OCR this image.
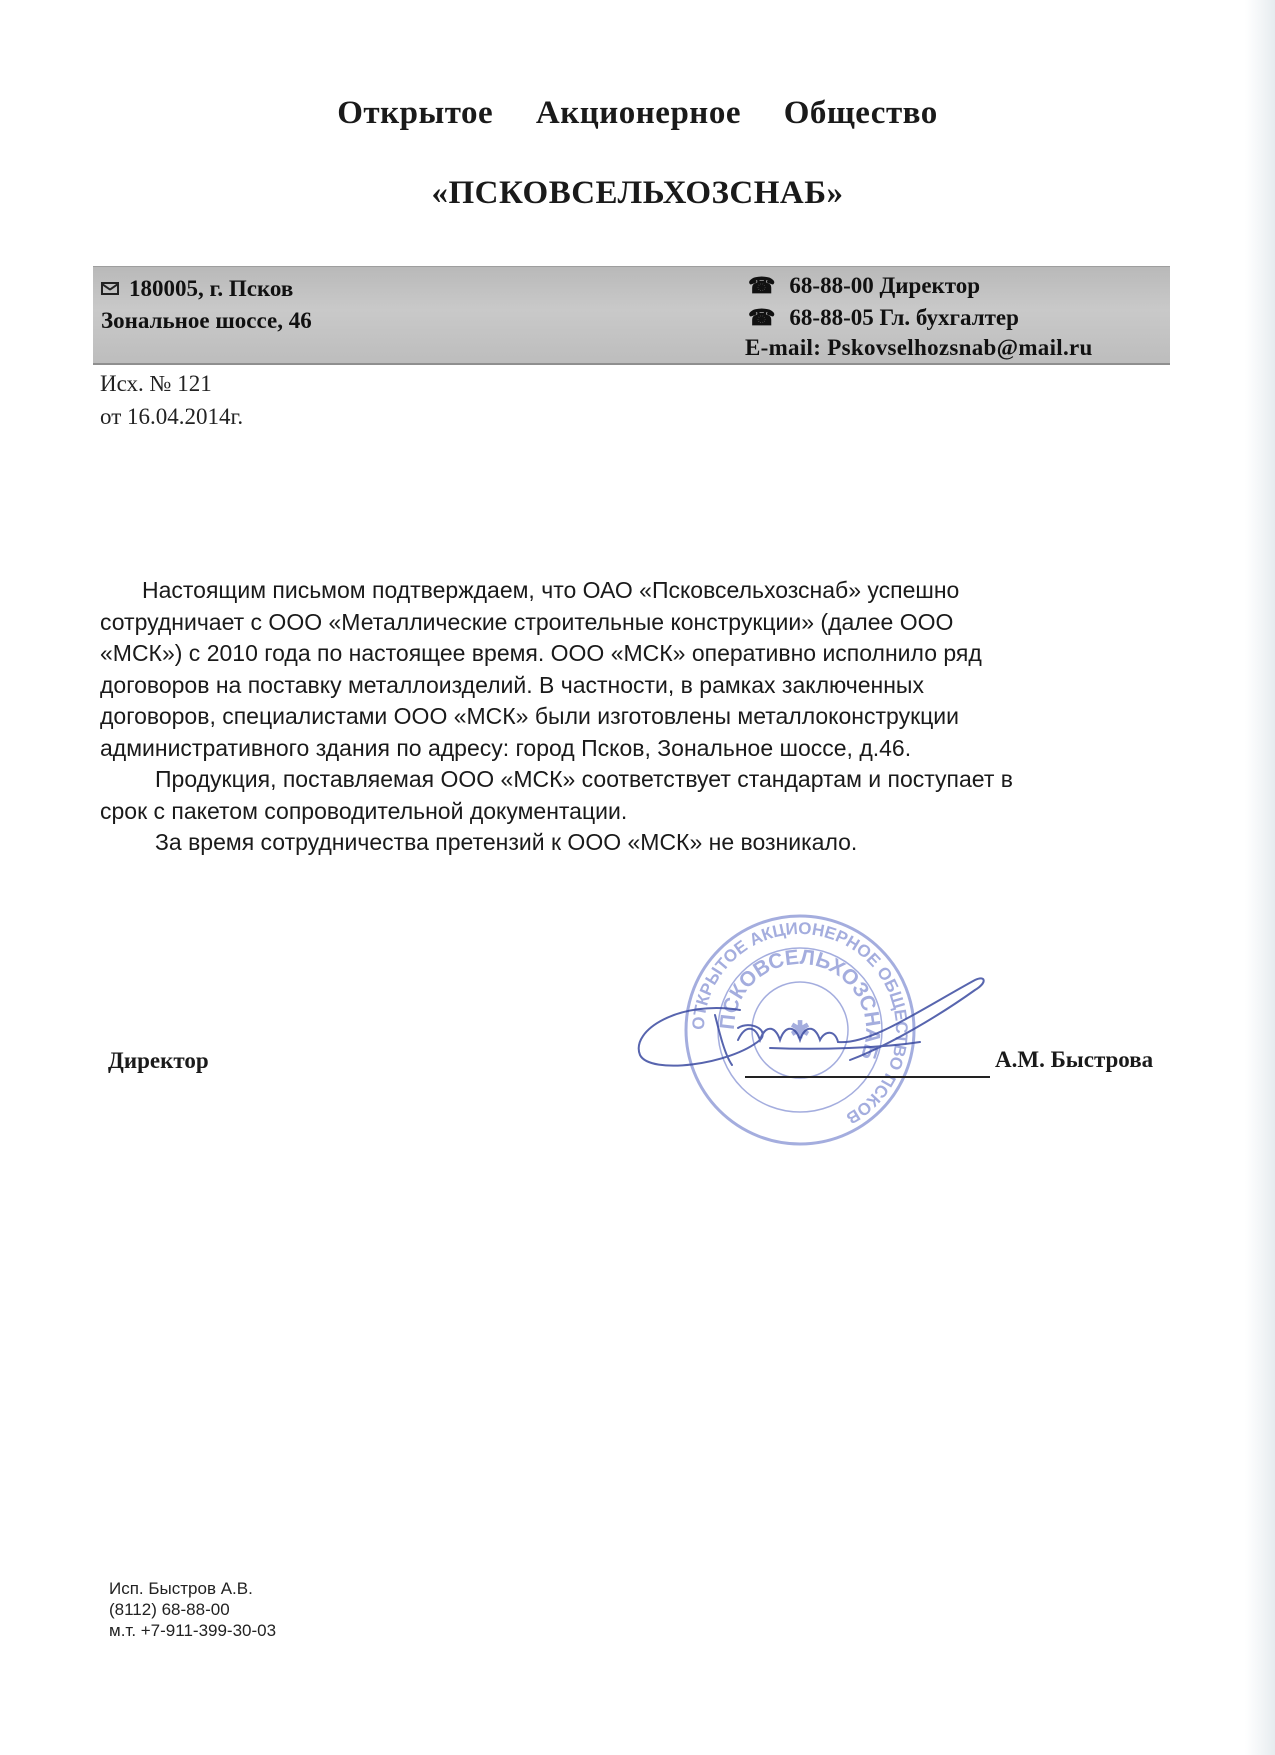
Открытое Акционерное Общество
«ПСКОВСЕЛЬХОЗСНАБ»
180005, г. Псков
Зональное шоссе, 46
☎ 68-88-00 Директор
☎ 68-88-05 Гл. бухгалтер
E-mail: Pskovselhozsnab@mail.ru
Исх. № 121
от 16.04.2014г.

Настоящим письмом подтверждаем, что ОАО «Псковсельхозснаб» успешно

сотрудничает с ООО «Металлические строительные конструкции» (далее ООО

«МСК») с 2010 года по настоящее время. ООО «МСК» оперативно исполнило ряд

договоров на поставку металлоизделий. В частности, в рамках заключенных

договоров, специалистами ООО «МСК» были изготовлены металлоконструкции

административного здания по адресу: город Псков, Зональное шоссе, д.46.

Продукция, поставляемая ООО «МСК» соответствует стандартам и поступает в

срок с пакетом сопроводительной документации.

За время сотрудничества претензий к ООО «МСК» не возникало.

ОТКРЫТОЕ АКЦИОНЕРНОЕ ОБЩЕСТВО ПСКОВ
ПСКОВСЕЛЬХОЗСНАБ
✱
Директор	А.М. Быстрова
Исп. Быстров А.В.
(8112) 68-88-00
м.т. +7-911-399-30-03
